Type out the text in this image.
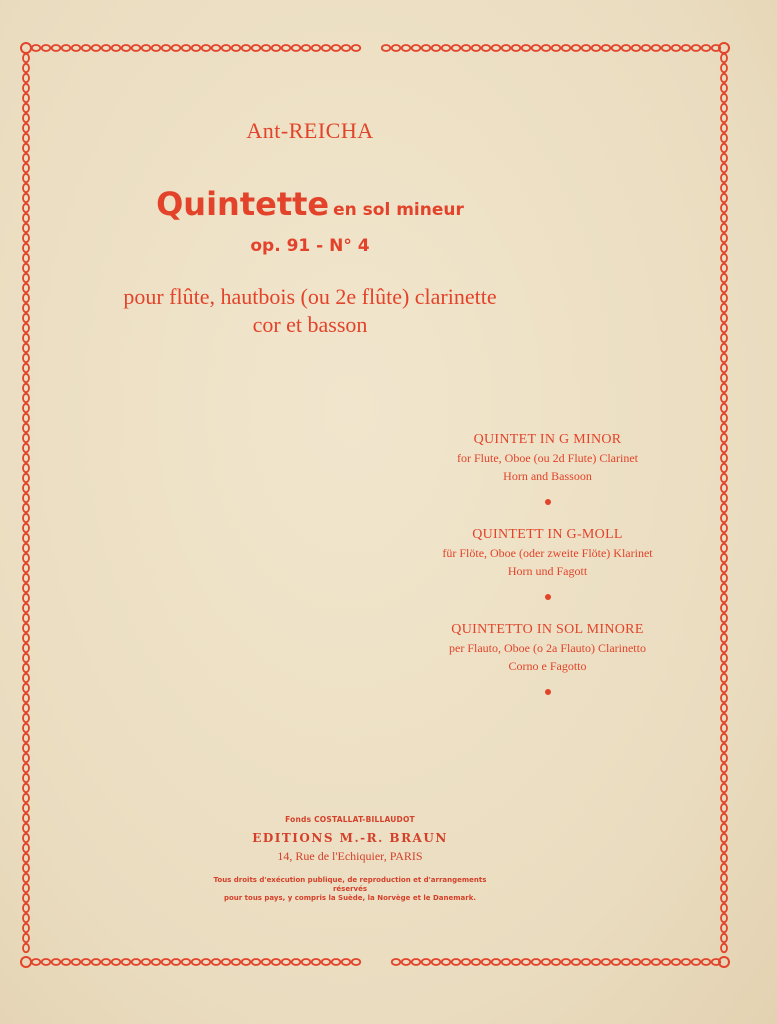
Ant-REICHA
Quintette en sol mineur
op. 91 - N° 4
pour flûte, hautbois (ou 2e flûte) clarinette
cor et basson
QUINTET IN G MINOR
for Flute, Oboe (ou 2d Flute) Clarinet
Horn and Bassoon
QUINTETT IN G-MOLL
für Flöte, Oboe (oder zweite Flöte) Klarinet
Horn und Fagott
QUINTETTO IN SOL MINORE
per Flauto, Oboe (o 2a Flauto) Clarinetto
Corno e Fagotto
Fonds COSTALLAT-BILLAUDOT
EDITIONS M.-R. BRAUN
14, Rue de l'Echiquier, PARIS
Tous droits d'exécution publique, de reproduction et d'arrangements réservés
pour tous pays, y compris la Suède, la Norvège et le Danemark.
